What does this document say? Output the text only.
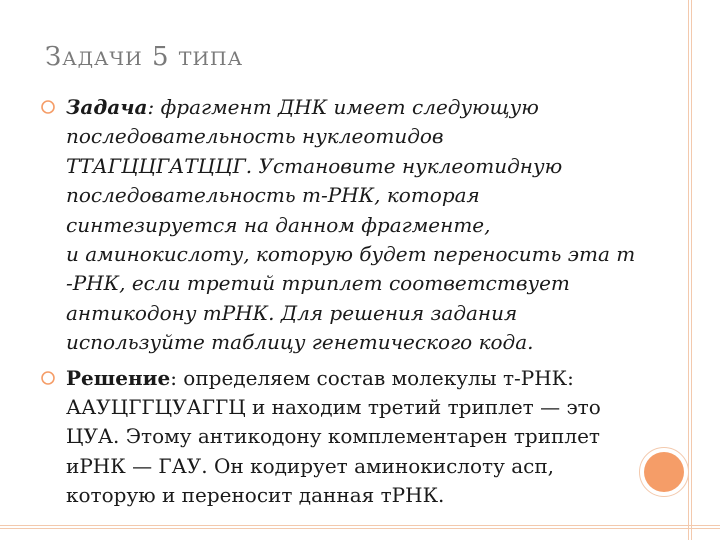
ЗАДАЧИ 5 ТИПА
Задача: фрагмент ДНК имеет следующую
последовательность нуклеотидов
ТТАГЦЦГАТЦЦГ. Установите нуклеотидную
последовательность т-РНК, которая
синтезируется на данном фрагменте,
и аминокислоту, которую будет переносить эта т
-РНК, если третий триплет соответствует
антикодону тРНК. Для решения задания
используйте таблицу генетического кода.
Решение: определяем состав молекулы т-РНК:
ААУЦГГЦУАГГЦ и находим третий триплет — это
ЦУА. Этому антикодону комплементарен триплет
иРНК — ГАУ. Он кодирует аминокислоту асп,
которую и переносит данная тРНК.
